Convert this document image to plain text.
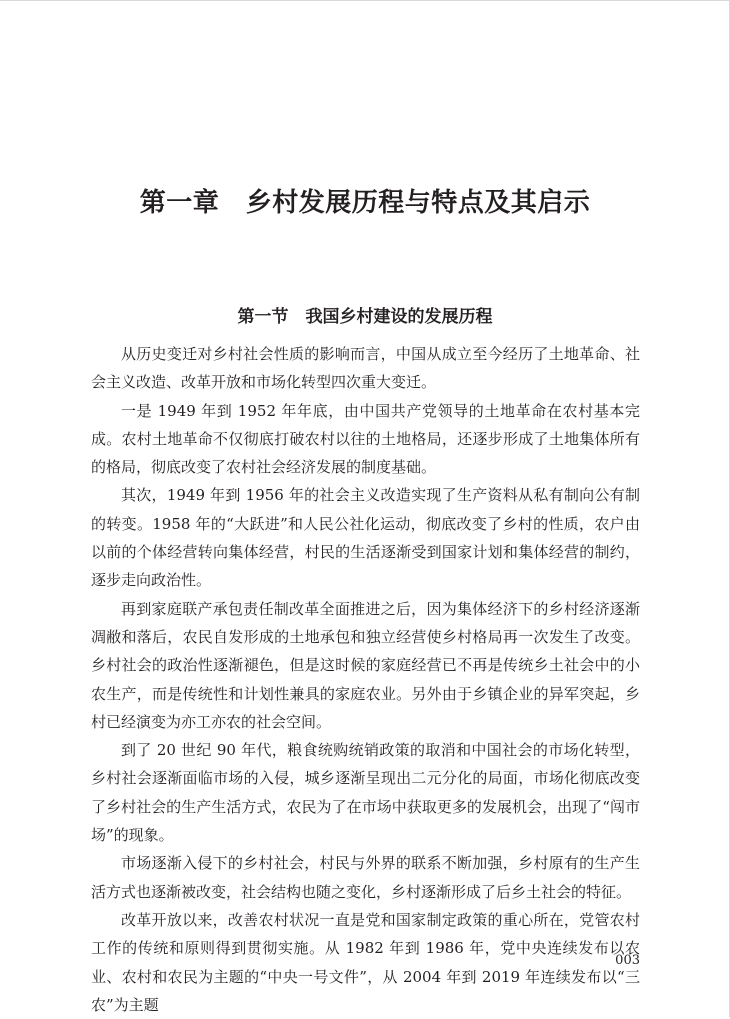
第一章　乡村发展历程与特点及其启示
第一节　我国乡村建设的发展历程

从历史变迁对乡村社会性质的影响而言，中国从成立至今经历了土地革命、社会主义改造、改革开放和市场化转型四次重大变迁。

一是 1949 年到 1952 年年底，由中国共产党领导的土地革命在农村基本完成。农村土地革命不仅彻底打破农村以往的土地格局，还逐步形成了土地集体所有的格局，彻底改变了农村社会经济发展的制度基础。

其次，1949 年到 1956 年的社会主义改造实现了生产资料从私有制向公有制的转变。1958 年的“大跃进”和人民公社化运动，彻底改变了乡村的性质，农户由以前的个体经营转向集体经营，村民的生活逐渐受到国家计划和集体经营的制约，逐步走向政治性。

再到家庭联产承包责任制改革全面推进之后，因为集体经济下的乡村经济逐渐凋敝和落后，农民自发形成的土地承包和独立经营使乡村格局再一次发生了改变。乡村社会的政治性逐渐褪色，但是这时候的家庭经营已不再是传统乡土社会中的小农生产，而是传统性和计划性兼具的家庭农业。另外由于乡镇企业的异军突起，乡村已经演变为亦工亦农的社会空间。

到了 20 世纪 90 年代，粮食统购统销政策的取消和中国社会的市场化转型，乡村社会逐渐面临市场的入侵，城乡逐渐呈现出二元分化的局面，市场化彻底改变了乡村社会的生产生活方式，农民为了在市场中获取更多的发展机会，出现了“闯市场”的现象。

市场逐渐入侵下的乡村社会，村民与外界的联系不断加强，乡村原有的生产生活方式也逐渐被改变，社会结构也随之变化，乡村逐渐形成了后乡土社会的特征。

改革开放以来，改善农村状况一直是党和国家制定政策的重心所在，党管农村工作的传统和原则得到贯彻实施。从 1982 年到 1986 年，党中央连续发布以农业、农村和农民为主题的“中央一号文件”，从 2004 年到 2019 年连续发布以“三农”为主题

003
